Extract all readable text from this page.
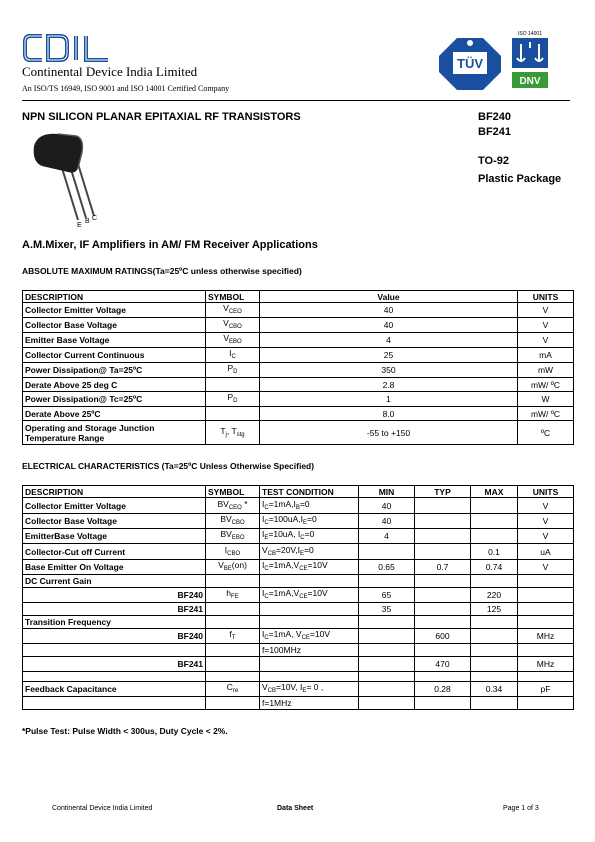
CDIL
Continental Device India Limited
An ISO/TS 16949, ISO 9001 and ISO 14001 Certified Company
TÜV
ISO 14001
DNV
NPN SILICON PLANAR EPITAXIAL RF TRANSISTORS	BF240
BF241
TO-92
Plastic Package
E
B C
A.M.Mixer, IF Amplifiers in AM/ FM Receiver Applications
ABSOLUTE MAXIMUM RATINGS(Ta=25ºC unless otherwise specified)
DESCRIPTION	SYMBOL	Value	UNITS
Collector Emitter Voltage	$V_{CEO}$	40	V
Collector Base Voltage	$V_{CBO}$	40	V
Emitter Base Voltage	$V_{EBO}$	4	V
Collector Current Continuous	$I_C$	25	mA
Power Dissipation@ Ta=25ºC	$P_D$	350	mW
Derate Above 25 deg C		2.8	mW/ ºC
Power Dissipation@ Tc=25ºC	$P_D$	1	W
Derate Above 25ºC		8.0	mW/ ºC
Operating and Storage Junction
Temperature Range	$T_j$, $T_{stg}$	-55 to +150	ºC
ELECTRICAL CHARACTERISTICS (Ta=25ºC Unless Otherwise Specified)
DESCRIPTION	SYMBOL	TEST CONDITION	MIN	TYP	MAX	UNITS
Collector Emitter Voltage	$BV_{CEO}$ *	$I_C=1mA,I_B=0$	40			V
Collector Base Voltage	$BV_{CBO}$	$I_C=100uA,I_E=0$	40			V
EmitterBase Voltage	$BV_{EBO}$	$I_E=10uA$, $I_C=0$	4			V
Collector-Cut off Current	$I_{CBO}$	$V_{CB}=20V,I_E=0$			0.1	uA
Base Emitter On Voltage	$V_{BE}(on)$	$I_C=1mA,V_{CE}=10V$	0.65	0.7	0.74	V
DC Current Gain						
BF240	$h_{FE}$	$I_C=1mA,V_{CE}=10V$	65		220	
BF241			35		125	
Transition Frequency						
BF240	$f_T$	$I_C=1mA$, $V_{CE}=10V$		600		MHz
		f=100MHz				
BF241				470		MHz

Feedback Capacitance	$C_{re}$	$V_{CB}=10V$, $I_E= 0$ ,		0.28	0.34	pF
		f=1MHz				
*Pulse Test: Pulse Width < 300us, Duty Cycle < 2%.
Continental Device India Limited	Data Sheet	Page 1 of 3
